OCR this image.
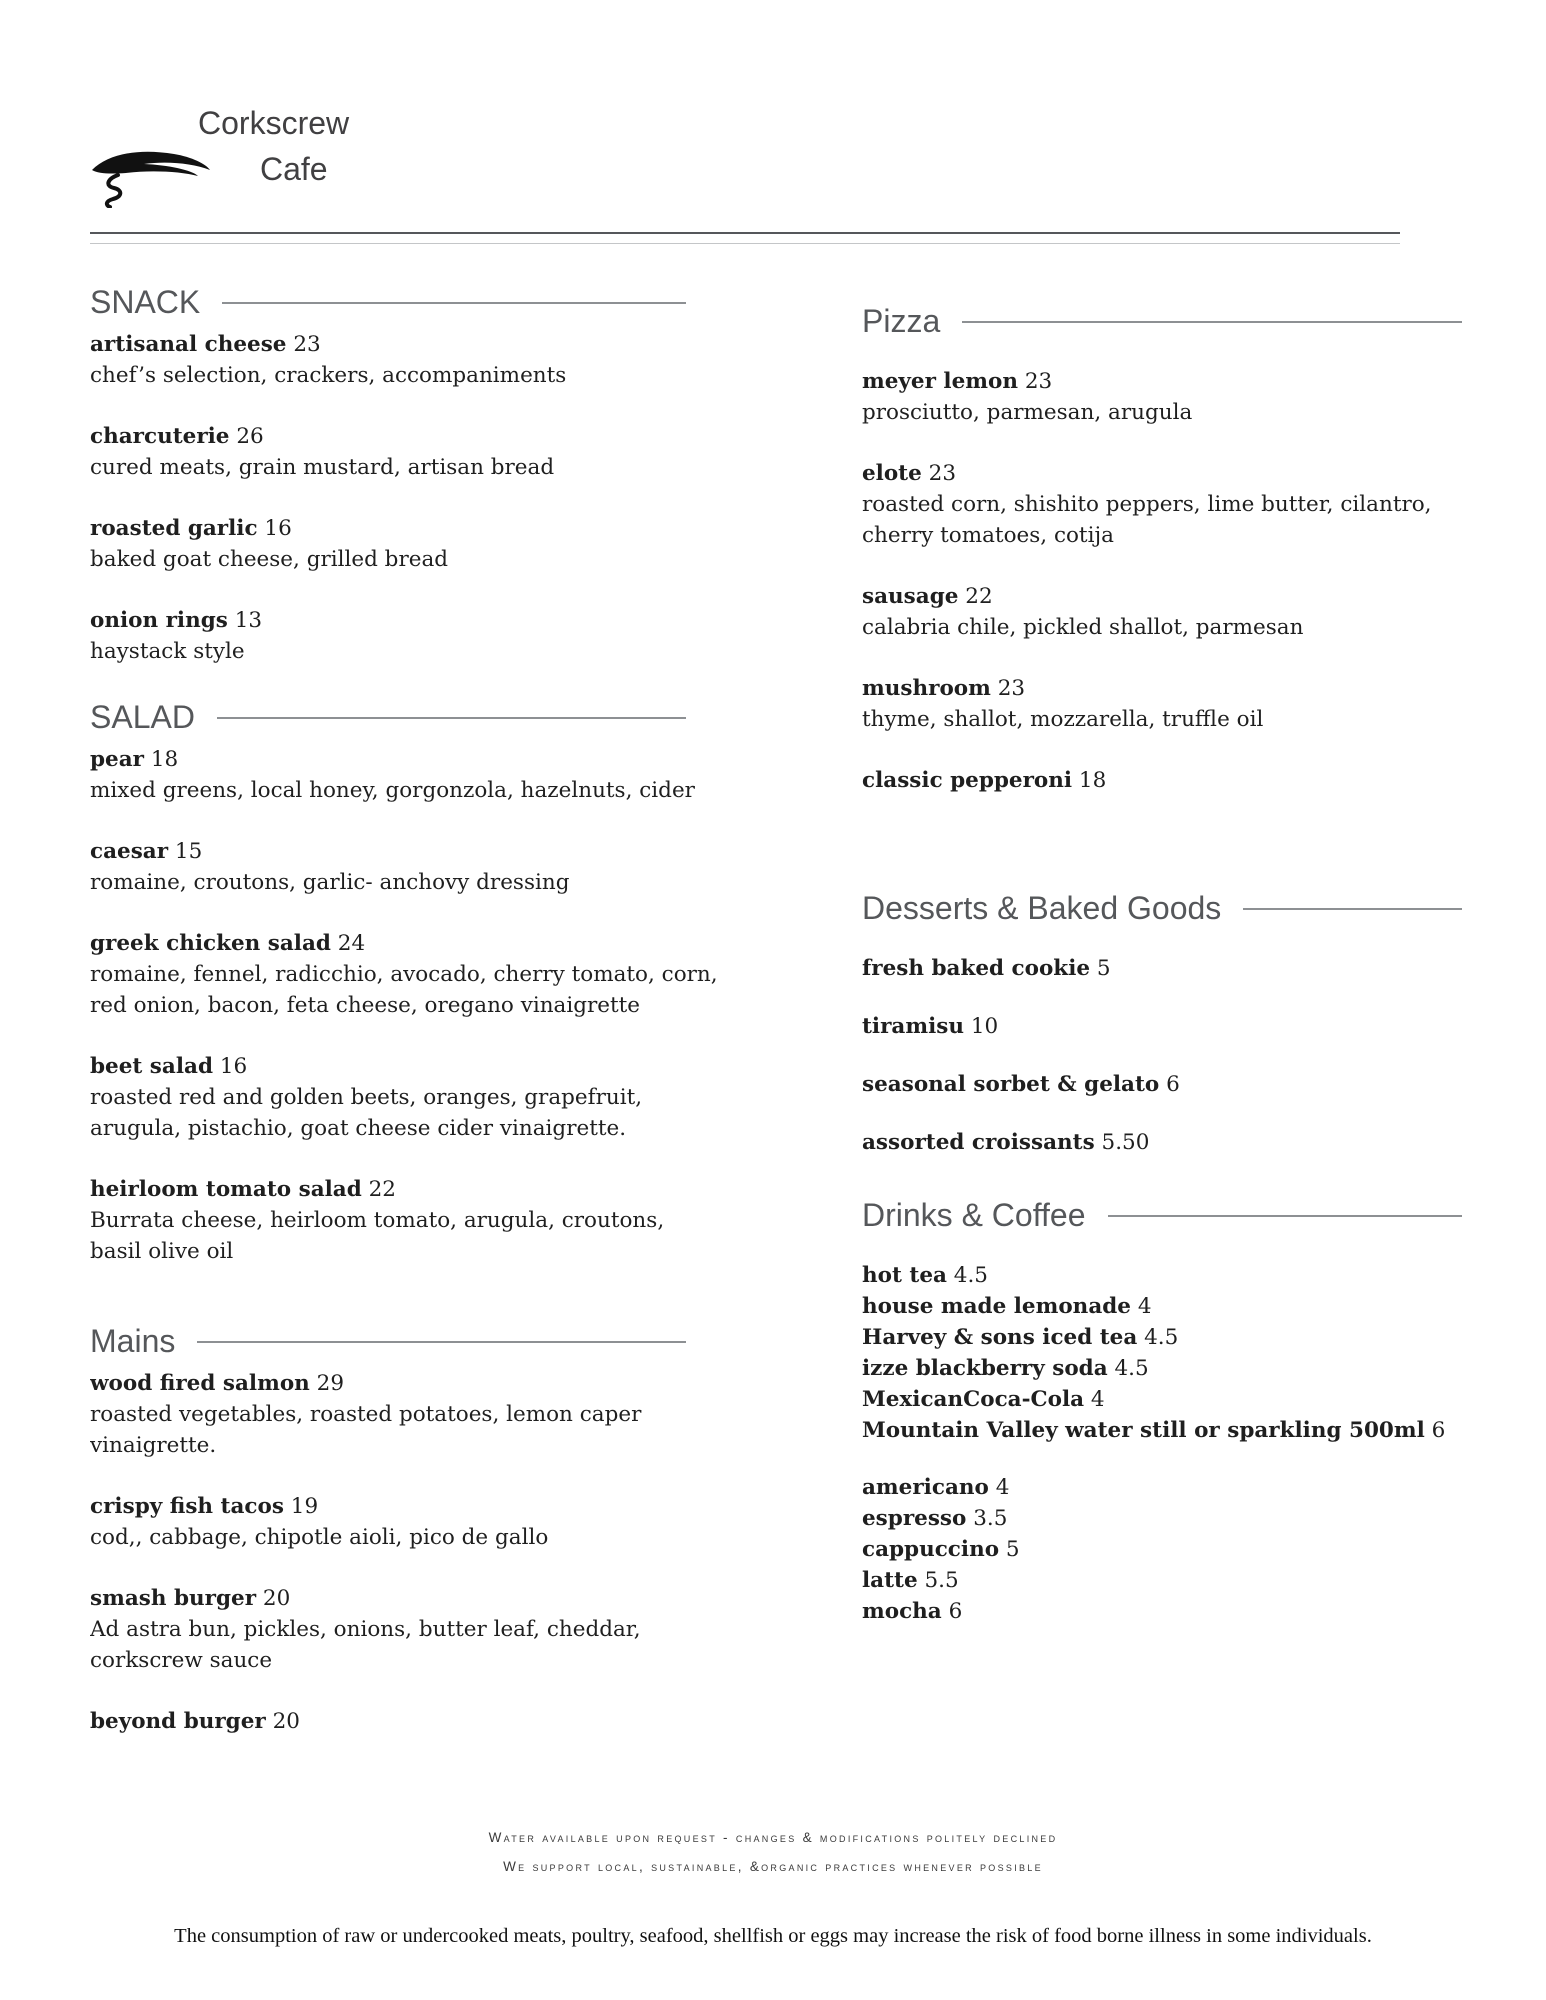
Corkscrew
Cafe
SNACK
artisanal cheese 23
chef’s selection, crackers, accompaniments
charcuterie 26
cured meats, grain mustard, artisan bread
roasted garlic 16
baked goat cheese, grilled bread
onion rings 13
haystack style
SALAD
pear 18
mixed greens, local honey, gorgonzola, hazelnuts, cider
caesar 15
romaine, croutons, garlic- anchovy dressing
greek chicken salad 24
romaine, fennel, radicchio, avocado, cherry tomato, corn, red onion, bacon, feta cheese, oregano vinaigrette
beet salad 16
roasted red and golden beets, oranges, grapefruit, arugula, pistachio, goat cheese cider vinaigrette.
heirloom tomato salad 22
Burrata cheese, heirloom tomato, arugula, croutons, basil olive oil
Mains
wood fired salmon 29
roasted vegetables, roasted potatoes, lemon caper vinaigrette.
crispy fish tacos 19
cod,, cabbage, chipotle aioli, pico de gallo
smash burger 20
Ad astra bun, pickles, onions, butter leaf, cheddar, corkscrew sauce
beyond burger 20
Pizza
meyer lemon 23
prosciutto, parmesan, arugula
elote 23
roasted corn, shishito peppers, lime butter, cilantro, cherry tomatoes, cotija
sausage 22
calabria chile, pickled shallot, parmesan
mushroom 23
thyme, shallot, mozzarella, truffle oil
classic pepperoni 18
Desserts & Baked Goods
fresh baked cookie 5
tiramisu 10
seasonal sorbet & gelato 6
assorted croissants 5.50
Drinks & Coffee
hot tea 4.5
house made lemonade 4
Harvey & sons iced tea 4.5
izze blackberry soda 4.5
MexicanCoca-Cola 4
Mountain Valley water still or sparkling 500ml 6
americano 4
espresso 3.5
cappuccino 5
latte 5.5
mocha 6
Water available upon request - changes & modifications politely declined
We support local, sustainable, &organic practices whenever possible
The consumption of raw or undercooked meats, poultry, seafood, shellfish or eggs may increase the risk of food borne illness in some individuals.
